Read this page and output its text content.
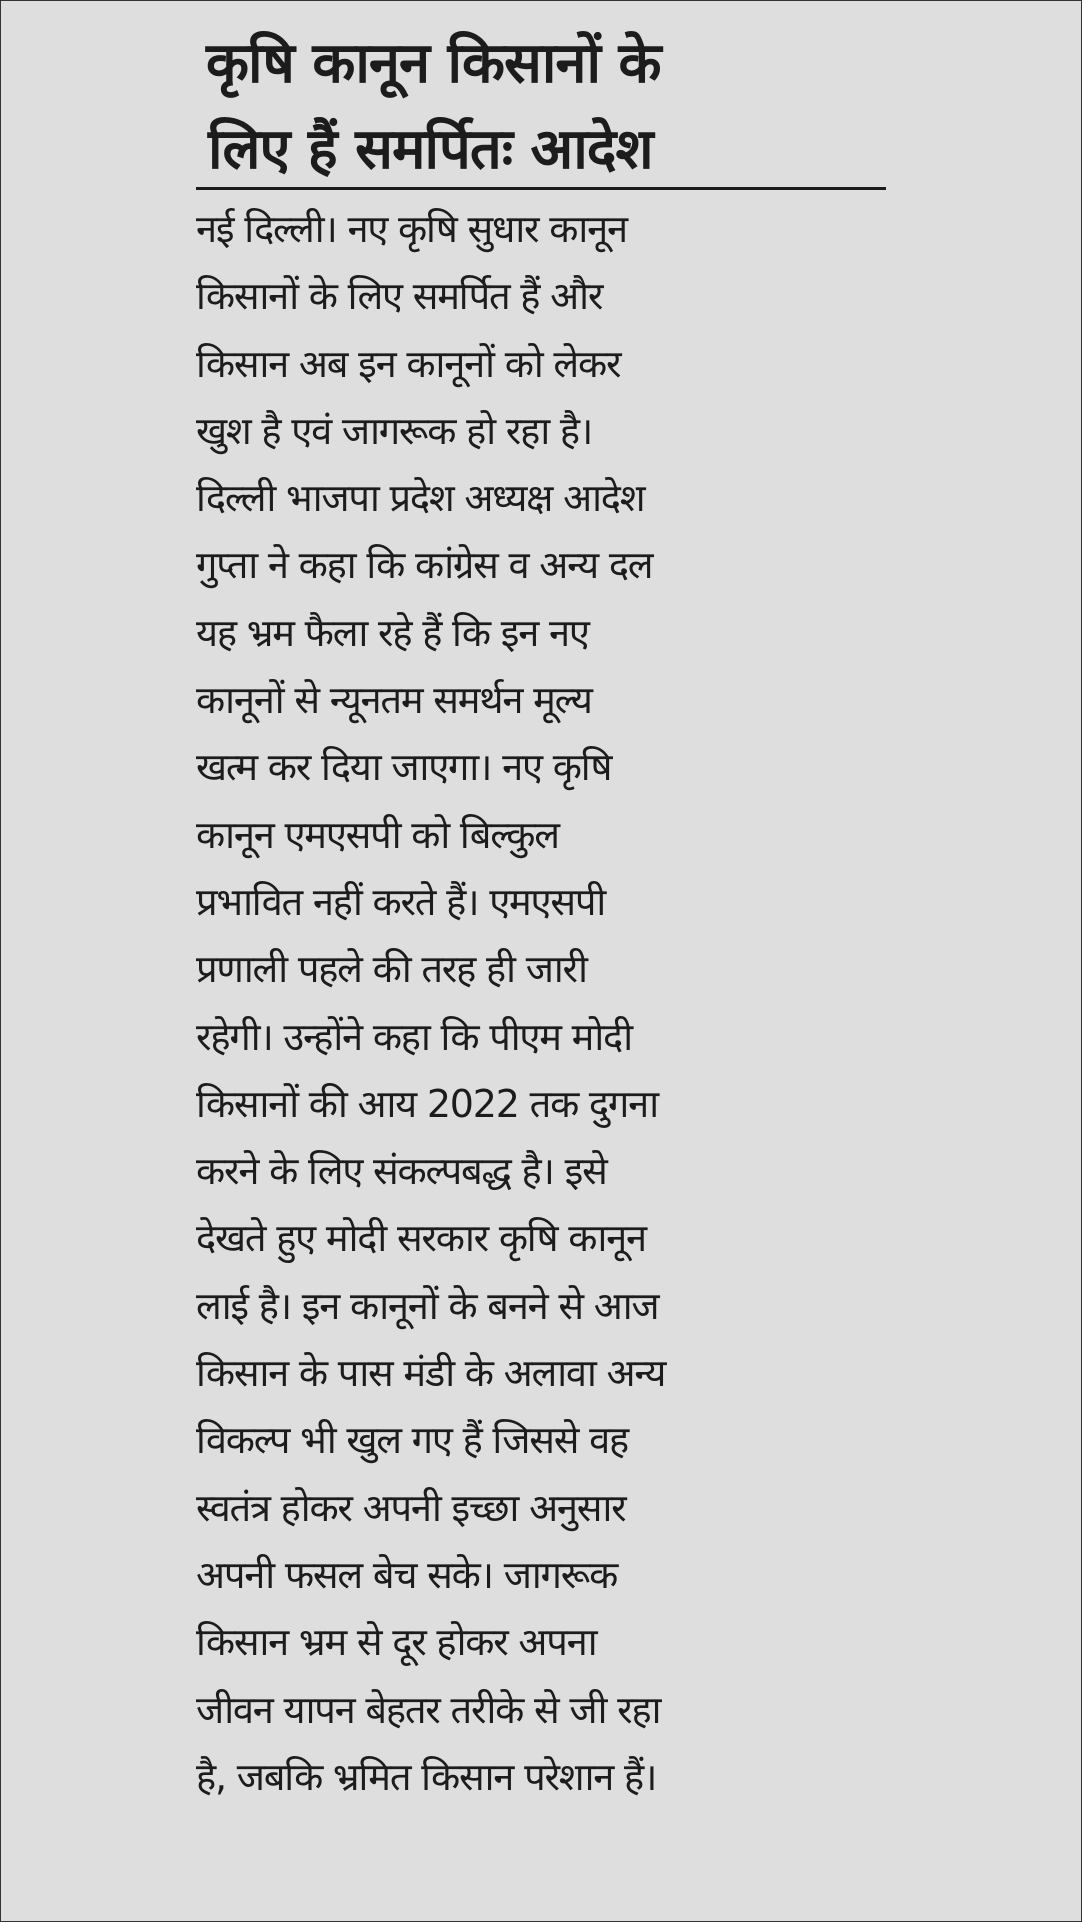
कृषि कानून किसानों के
लिए हैं समर्पितः आदेश
नई दिल्ली। नए कृषि सुधार कानून
किसानों के लिए समर्पित हैं और
किसान अब इन कानूनों को लेकर
खुश है एवं जागरूक हो रहा है।
दिल्ली भाजपा प्रदेश अध्यक्ष आदेश
गुप्ता ने कहा कि कांग्रेस व अन्य दल
यह भ्रम फैला रहे हैं कि इन नए
कानूनों से न्यूनतम समर्थन मूल्य
खत्म कर दिया जाएगा। नए कृषि
कानून एमएसपी को बिल्कुल
प्रभावित नहीं करते हैं। एमएसपी
प्रणाली पहले की तरह ही जारी
रहेगी। उन्होंने कहा कि पीएम मोदी
किसानों की आय 2022 तक दुगना
करने के लिए संकल्पबद्ध है। इसे
देखते हुए मोदी सरकार कृषि कानून
लाई है। इन कानूनों के बनने से आज
किसान के पास मंडी के अलावा अन्य
विकल्प भी खुल गए हैं जिससे वह
स्वतंत्र होकर अपनी इच्छा अनुसार
अपनी फसल बेच सके। जागरूक
किसान भ्रम से दूर होकर अपना
जीवन यापन बेहतर तरीके से जी रहा
है, जबकि भ्रमित किसान परेशान हैं।
